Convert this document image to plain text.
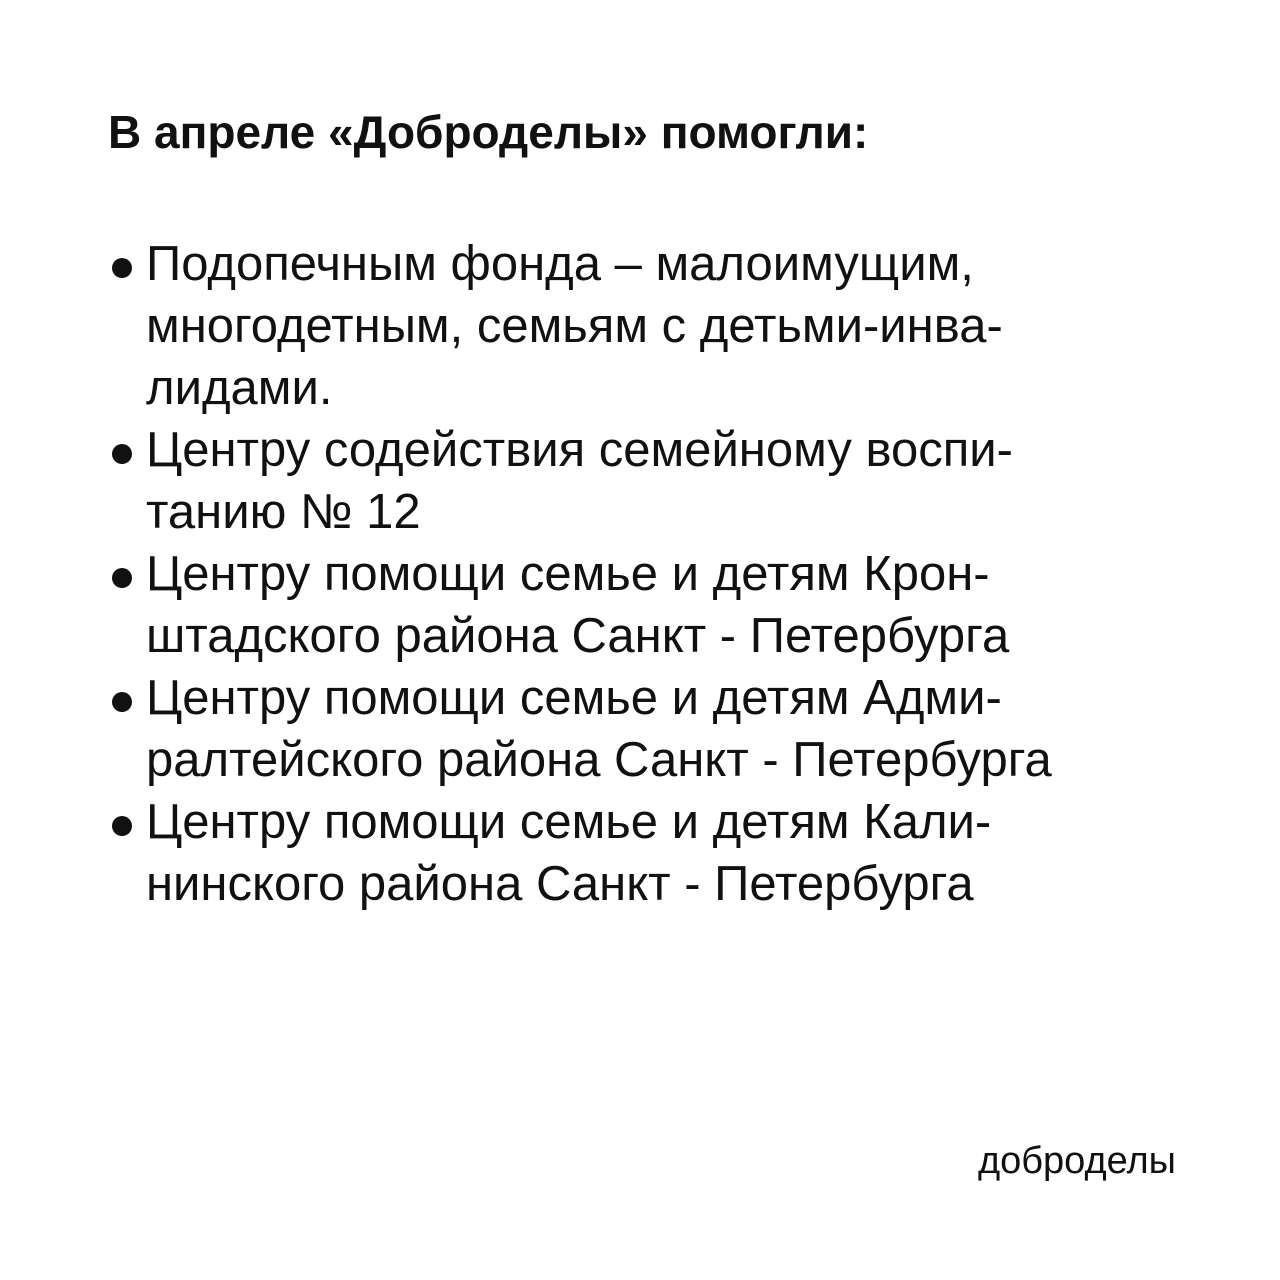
В апреле «Доброделы» помогли:
Подопечным фонда – малоимущим,
многодетным, семьям с детьми-инва-
лидами.
Центру содействия семейному воспи-
танию № 12
Центру помощи семье и детям Крон-
штадского района Санкт - Петербурга
Центру помощи семье и детям Адми-
ралтейского района Санкт - Петербурга
Центру помощи семье и детям Кали-
нинского района Санкт - Петербурга
доброделы
